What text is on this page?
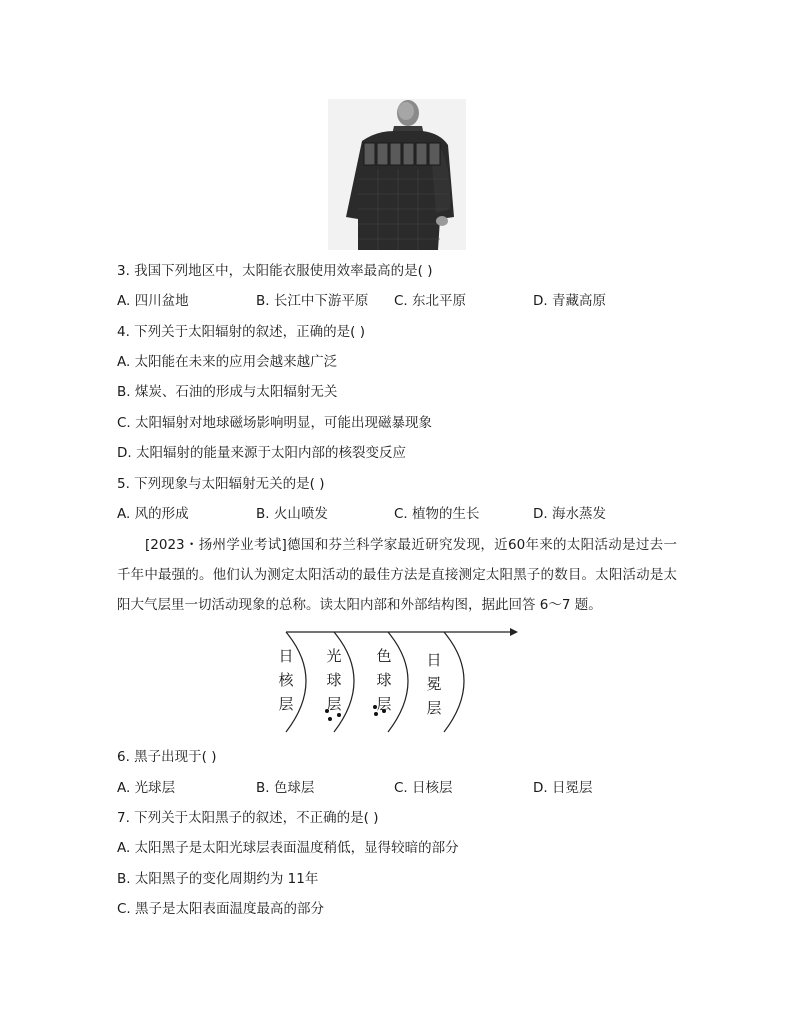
3. 我国下列地区中，太阳能衣服使用效率最高的是( )
A. 四川盆地	B. 长江中下游平原 C. 东北平原	D. 青藏高原
4. 下列关于太阳辐射的叙述，正确的是( )
A. 太阳能在未来的应用会越来越广泛
B. 煤炭、石油的形成与太阳辐射无关
C. 太阳辐射对地球磁场影响明显，可能出现磁暴现象
D. 太阳辐射的能量来源于太阳内部的核裂变反应
5. 下列现象与太阳辐射无关的是( )
A. 风的形成	B. 火山喷发	C. 植物的生长	D. 海水蒸发
[2023・扬州学业考试]德国和芬兰科学家最近研究发现，近60年来的太阳活动是过去一千年中最强的。他们认为测定太阳活动的最佳方法是直接测定太阳黑子的数目。太阳活动是太阳大气层里一切活动现象的总称。读太阳内部和外部结构图，据此回答 6～7 题。
日核层
光球层
色球层
日冕层
6. 黑子出现于( )
A. 光球层	B. 色球层	C. 日核层	D. 日冕层
7. 下列关于太阳黑子的叙述，不正确的是( )
A. 太阳黑子是太阳光球层表面温度稍低，显得较暗的部分
B. 太阳黑子的变化周期约为 11年
C. 黑子是太阳表面温度最高的部分
